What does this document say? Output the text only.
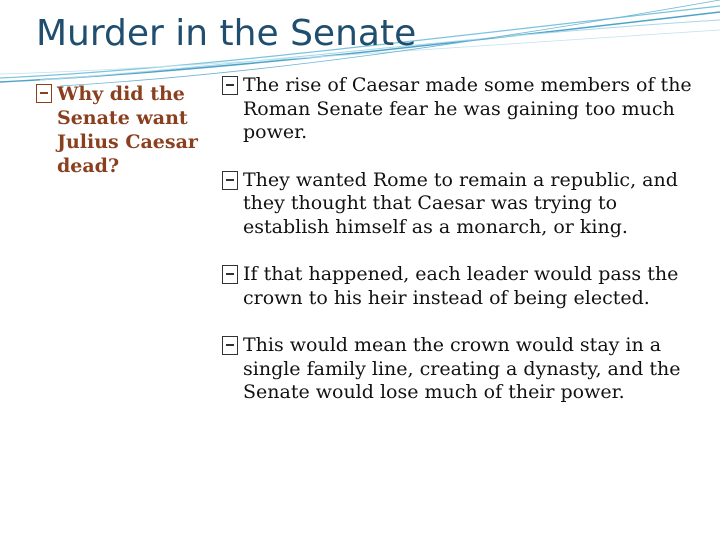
Murder in the Senate
Why did the Senate want Julius Caesar dead?
The rise of Caesar made some members of the Roman Senate fear he was gaining too much power.
They wanted Rome to remain a republic, and they thought that Caesar was trying to establish himself as a monarch, or king.
If that happened, each leader would pass the crown to his heir instead of being elected.
This would mean the crown would stay in a single family line, creating a dynasty, and the Senate would lose much of their power.
